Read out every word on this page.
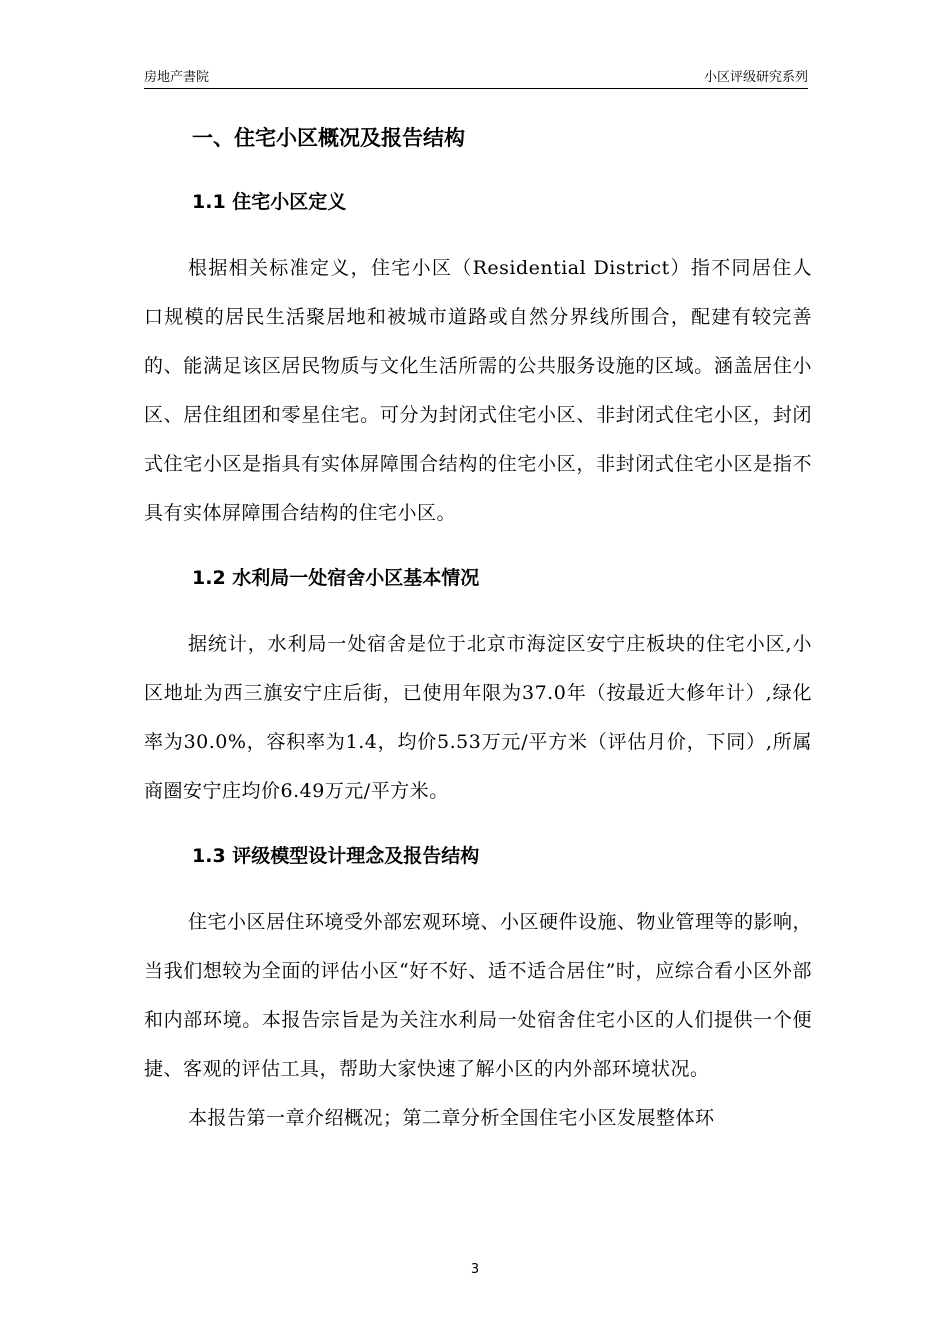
房地产書院	小区评级研究系列
一、住宅小区概况及报告结构
1.1 住宅小区定义

根据相关标准定义，住宅小区（Residential District）指不同居住人口规模的居民生活聚居地和被城市道路或自然分界线所围合，配建有较完善的、能满足该区居民物质与文化生活所需的公共服务设施的区域。涵盖居住小区、居住组团和零星住宅。可分为封闭式住宅小区、非封闭式住宅小区，封闭式住宅小区是指具有实体屏障围合结构的住宅小区，非封闭式住宅小区是指不具有实体屏障围合结构的住宅小区。

1.2 水利局一处宿舍小区基本情况

据统计，水利局一处宿舍是位于北京市海淀区安宁庄板块的住宅小区,小区地址为西三旗安宁庄后街，已使用年限为37.0年（按最近大修年计）,绿化率为30.0%，容积率为1.4，均价5.53万元/平方米（评估月价，下同）,所属商圈安宁庄均价6.49万元/平方米。

1.3 评级模型设计理念及报告结构

住宅小区居住环境受外部宏观环境、小区硬件设施、物业管理等的影响，当我们想较为全面的评估小区“好不好、适不适合居住”时，应综合看小区外部和内部环境。本报告宗旨是为关注水利局一处宿舍住宅小区的人们提供一个便捷、客观的评估工具，帮助大家快速了解小区的内外部环境状况。

本报告第一章介绍概况；第二章分析全国住宅小区发展整体环

3
